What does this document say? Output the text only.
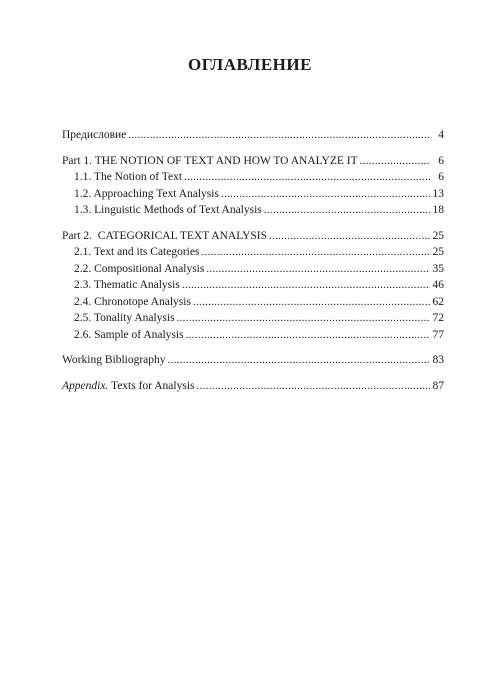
ОГЛАВЛЕНИЕ
Предисловие .....	4
Part 1. THE NOTION OF TEXT AND HOW TO ANALYZE IT .....	6
1.1. The Notion of Text .....	6
1.2. Approaching Text Analysis .....	13
1.3. Linguistic Methods of Text Analysis .....	18
Part 2.  CATEGORICAL TEXT ANALYSIS .....	25
2.1. Text and its Categories .....	25
2.2. Compositional Analysis .....	35
2.3. Thematic Analysis .....	46
2.4. Chronotope Analysis .....	62
2.5. Tonality Analysis .....	72
2.6. Sample of Analysis .....	77
Working Bibliography .....	83
Appendix. Texts for Analysis .....	87
